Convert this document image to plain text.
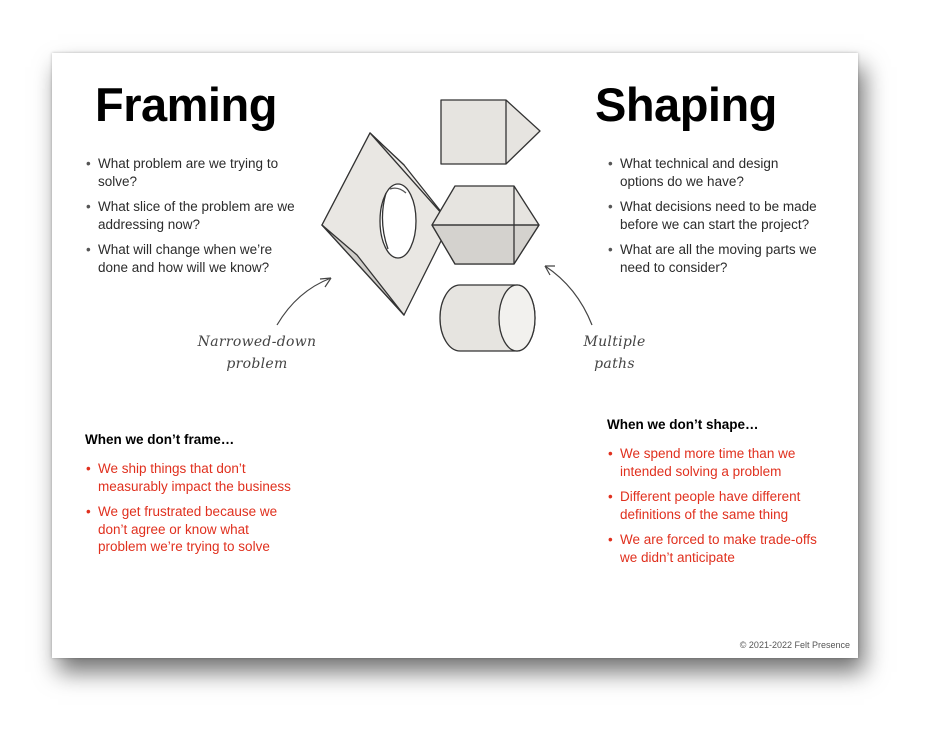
Framing	Shaping
• What problem are we trying to solve?
• What slice of the problem are we addressing now?
• What will change when we’re done and how will we know?
• What technical and design options do we have?
• What decisions need to be made before we can start the project?
• What are all the moving parts we need to consider?
Narrowed-down
problem
Multiple
paths
When we don’t frame…
• We ship things that don’t measurably impact the business
• We get frustrated because we don’t agree or know what problem we’re trying to solve
When we don’t shape…
• We spend more time than we intended solving a problem
• Different people have different definitions of the same thing
• We are forced to make trade-offs we didn’t anticipate
© 2021-2022 Felt Presence
